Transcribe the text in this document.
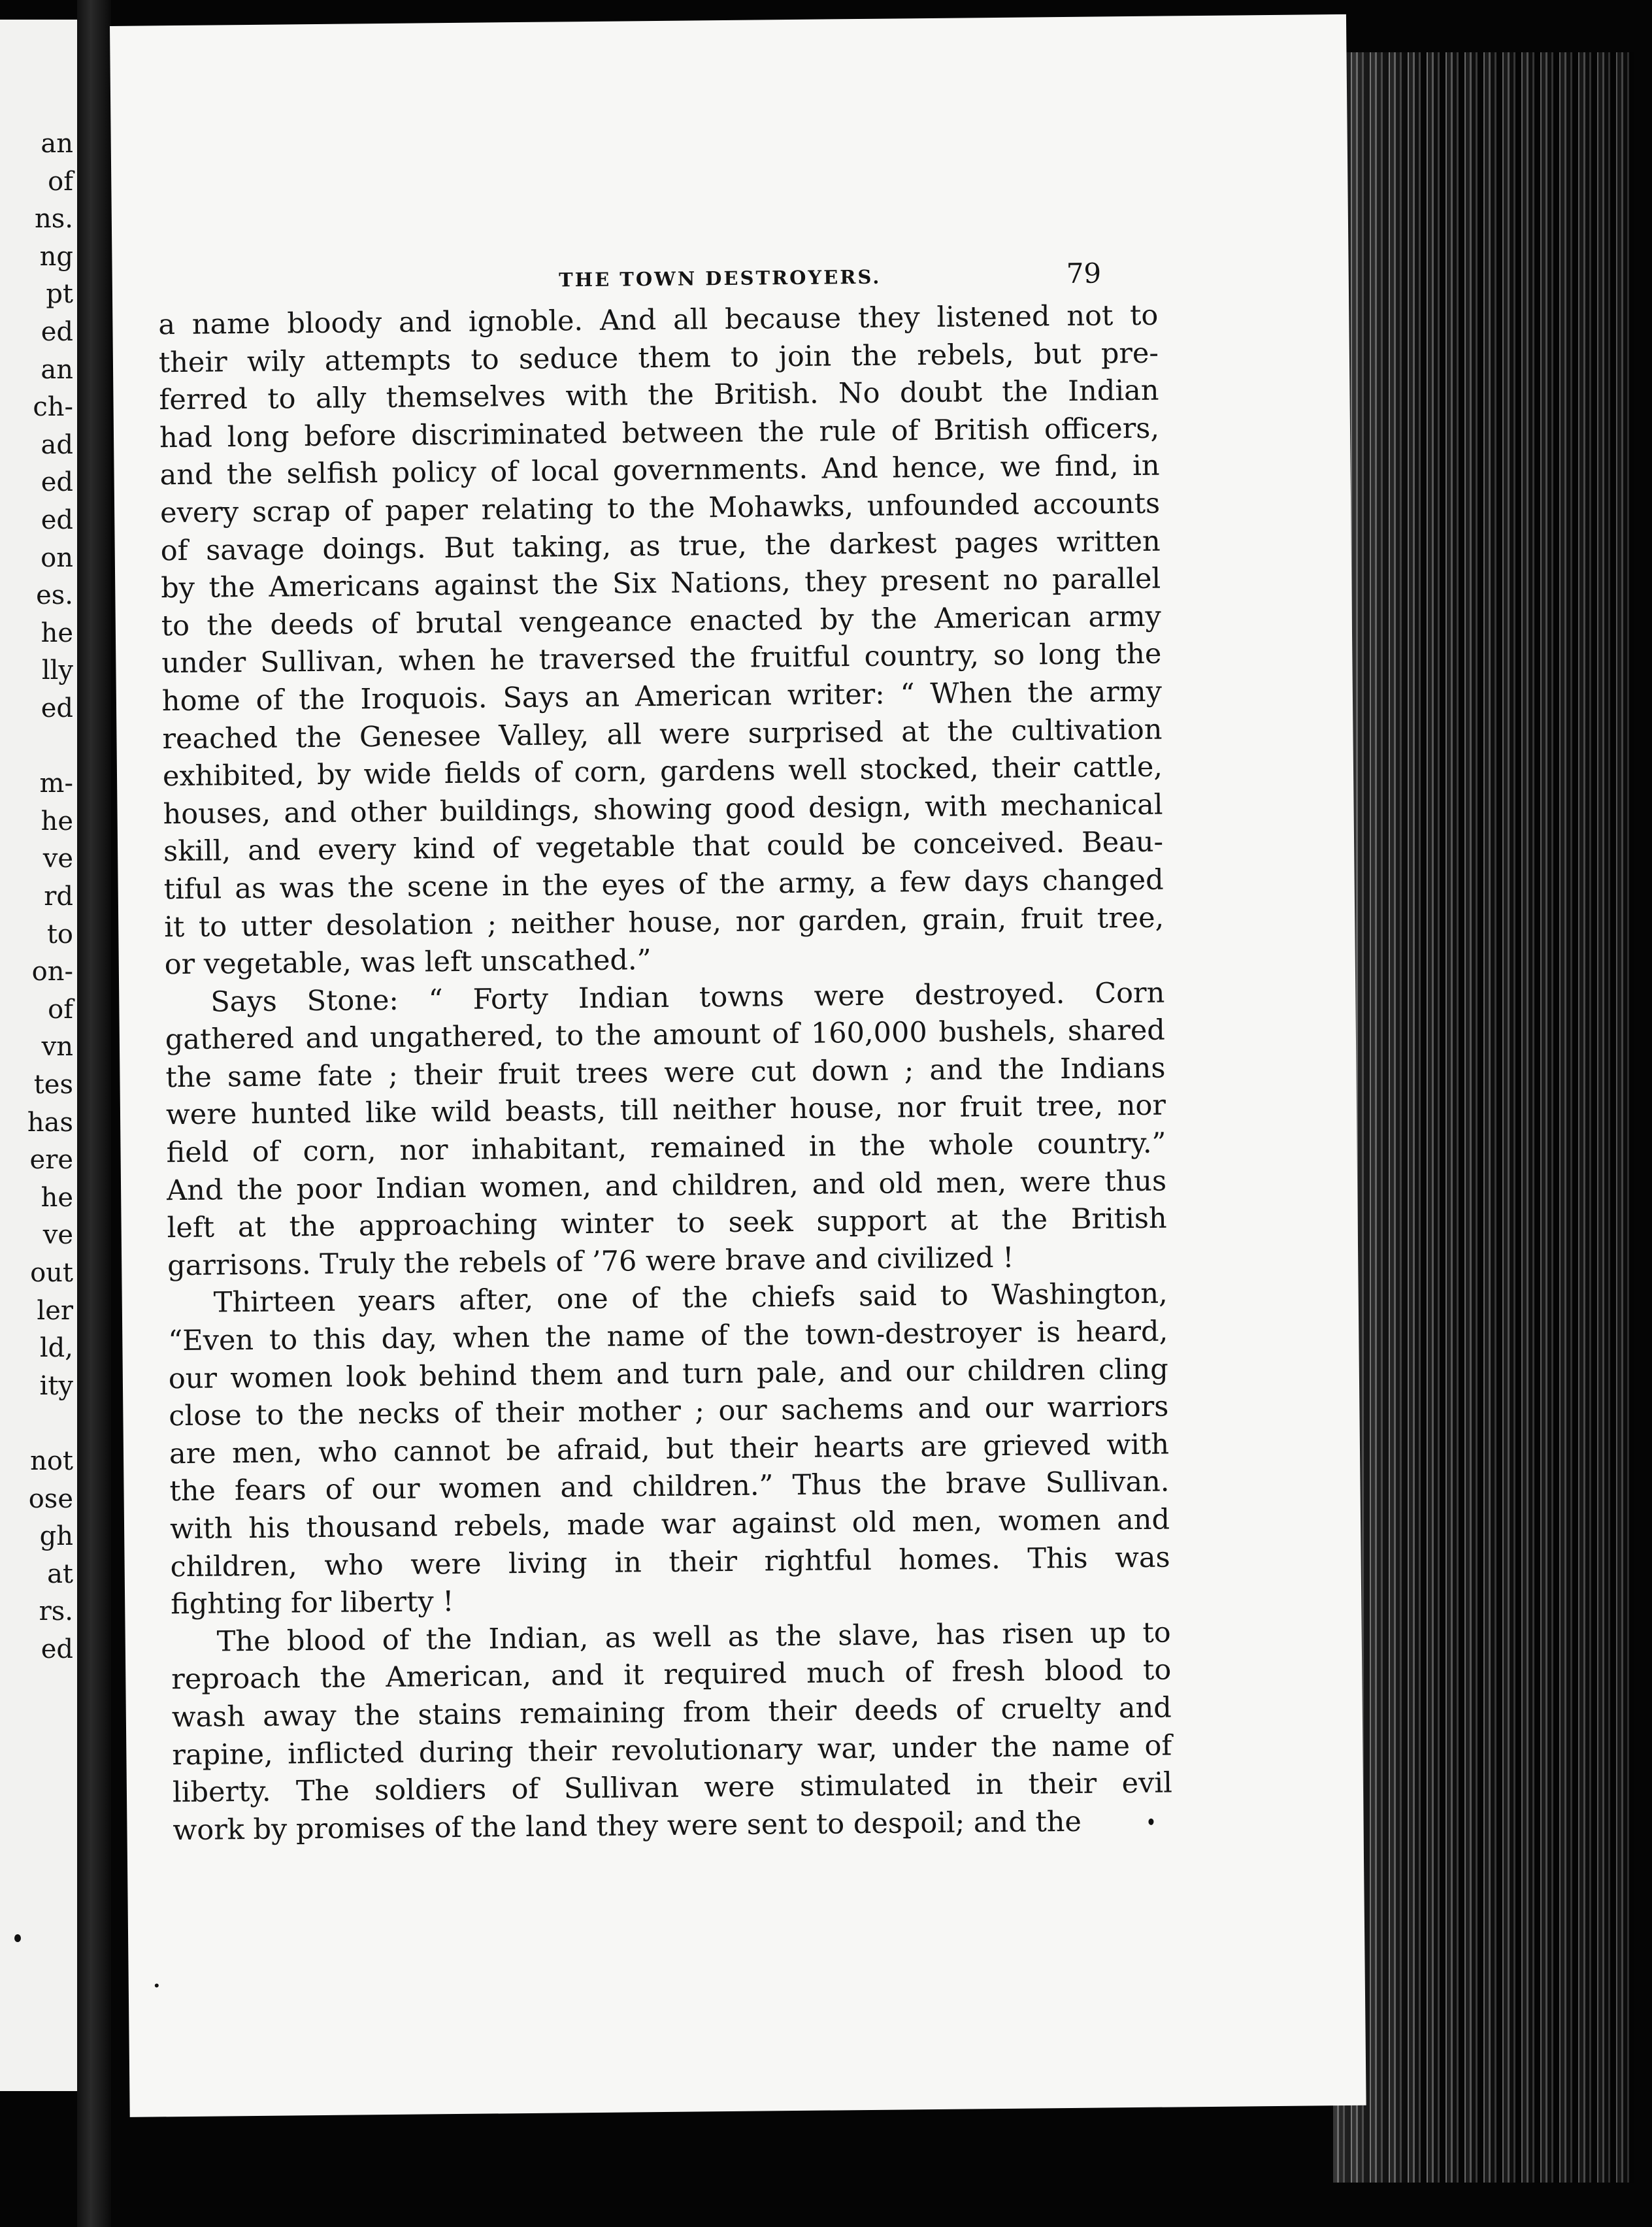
an
of
ns.
ng
pt
ed
an
ch-
ad
ed
ed
on
es.
he
lly
ed
m-
he
ve
rd
to
on-
of
vn
tes
has
ere
he
ve
out
ler
ld,
ity
not
ose
gh
at
rs.
ed
THE TOWN DESTROYERS.	79
a name bloody and ignoble. And all because they listened not to
their wily attempts to seduce them to join the rebels, but pre-
ferred to ally themselves with the British. No doubt the Indian
had long before discriminated between the rule of British officers,
and the selfish policy of local governments. And hence, we find, in
every scrap of paper relating to the Mohawks, unfounded accounts
of savage doings. But taking, as true, the darkest pages written
by the Americans against the Six Nations, they present no parallel
to the deeds of brutal vengeance enacted by the American army
under Sullivan, when he traversed the fruitful country, so long the
home of the Iroquois. Says an American writer: “ When the army
reached the Genesee Valley, all were surprised at the cultivation
exhibited, by wide fields of corn, gardens well stocked, their cattle,
houses, and other buildings, showing good design, with mechanical
skill, and every kind of vegetable that could be conceived. Beau-
tiful as was the scene in the eyes of the army, a few days changed
it to utter desolation ; neither house, nor garden, grain, fruit tree,
or vegetable, was left unscathed.”
Says Stone: “ Forty Indian towns were destroyed. Corn
gathered and ungathered, to the amount of 160,000 bushels, shared
the same fate ; their fruit trees were cut down ; and the Indians
were hunted like wild beasts, till neither house, nor fruit tree, nor
field of corn, nor inhabitant, remained in the whole country.”
And the poor Indian women, and children, and old men, were thus
left at the approaching winter to seek support at the British
garrisons. Truly the rebels of ’76 were brave and civilized !
Thirteen years after, one of the chiefs said to Washington,
“Even to this day, when the name of the town-destroyer is heard,
our women look behind them and turn pale, and our children cling
close to the necks of their mother ; our sachems and our warriors
are men, who cannot be afraid, but their hearts are grieved with
the fears of our women and children.” Thus the brave Sullivan.
with his thousand rebels, made war against old men, women and
children, who were living in their rightful homes. This was
fighting for liberty !
The blood of the Indian, as well as the slave, has risen up to
reproach the American, and it required much of fresh blood to
wash away the stains remaining from their deeds of cruelty and
rapine, inflicted during their revolutionary war, under the name of
liberty. The soldiers of Sullivan were stimulated in their evil
work by promises of the land they were sent to despoil; and the
